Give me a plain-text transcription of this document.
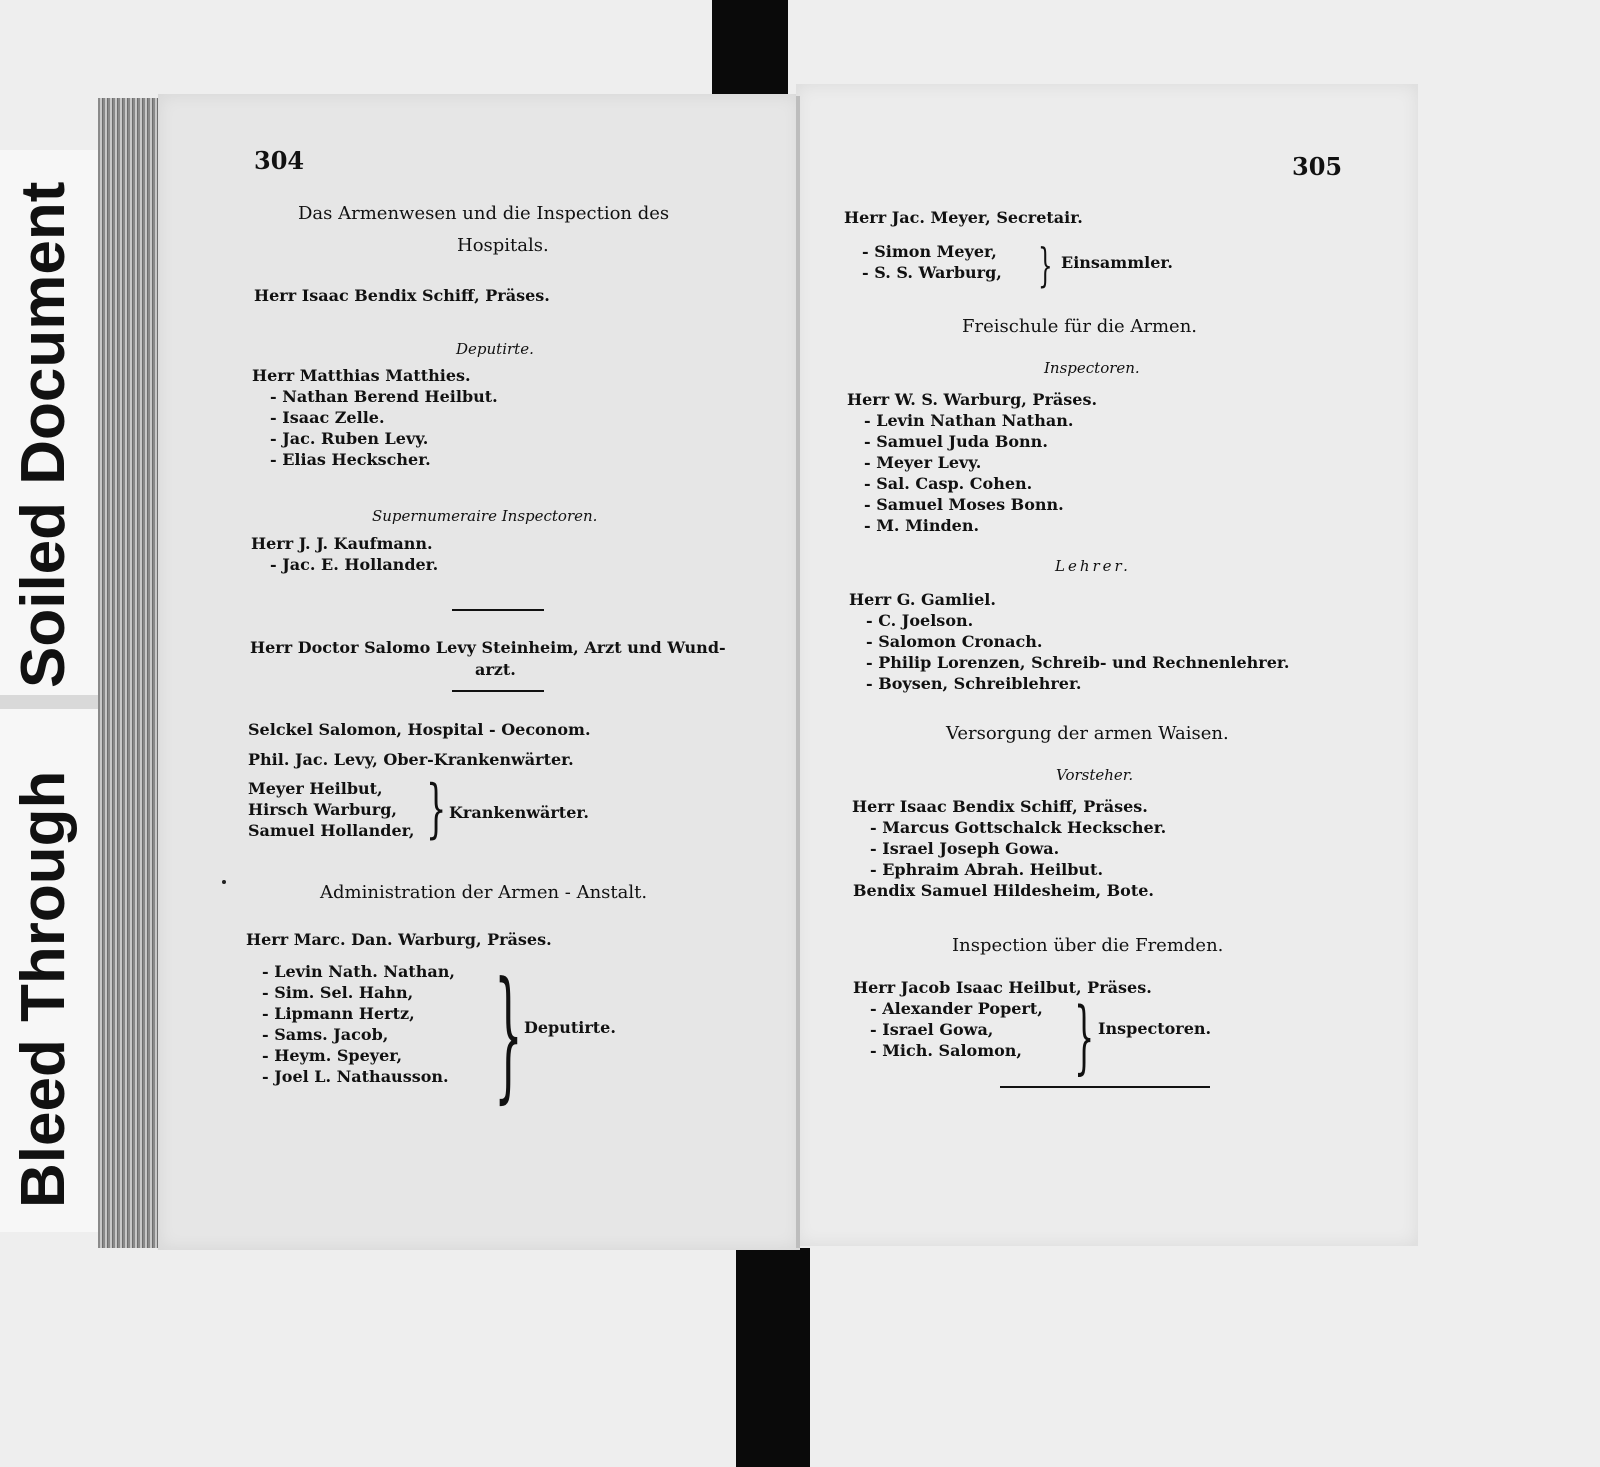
Soiled Document
Bleed Through
304
Das Armenwesen und die Inspection des
Hospitals.
Herr Isaac Bendix Schiff, Präses.
Deputirte.
Herr Matthias Matthies.
- Nathan Berend Heilbut.
- Isaac Zelle.
- Jac. Ruben Levy.
- Elias Heckscher.
Supernumeraire Inspectoren.
Herr J. J. Kaufmann.
- Jac. E. Hollander.
Herr Doctor Salomo Levy Steinheim, Arzt und Wund-
arzt.
Selckel Salomon, Hospital - Oeconom.
Phil. Jac. Levy, Ober-Krankenwärter.
Meyer Heilbut,
Hirsch Warburg,
Samuel Hollander, } Krankenwärter.
Administration der Armen - Anstalt.
Herr Marc. Dan. Warburg, Präses.
- Levin Nath. Nathan,
- Sim. Sel. Hahn,
- Lipmann Hertz,
- Sams. Jacob,
- Heym. Speyer,
- Joel L. Nathausson. } Deputirte.
305
Herr Jac. Meyer, Secretair.
- Simon Meyer,
- S. S. Warburg, } Einsammler.
Freischule für die Armen.
Inspectoren.
Herr W. S. Warburg, Präses.
- Levin Nathan Nathan.
- Samuel Juda Bonn.
- Meyer Levy.
- Sal. Casp. Cohen.
- Samuel Moses Bonn.
- M. Minden.
Lehrer.
Herr G. Gamliel.
- C. Joelson.
- Salomon Cronach.
- Philip Lorenzen, Schreib- und Rechnenlehrer.
- Boysen, Schreiblehrer.
Versorgung der armen Waisen.
Vorsteher.
Herr Isaac Bendix Schiff, Präses.
- Marcus Gottschalck Heckscher.
- Israel Joseph Gowa.
- Ephraim Abrah. Heilbut.
Bendix Samuel Hildesheim, Bote.
Inspection über die Fremden.
Herr Jacob Isaac Heilbut, Präses.
- Alexander Popert,
- Israel Gowa,
- Mich. Salomon, } Inspectoren.
